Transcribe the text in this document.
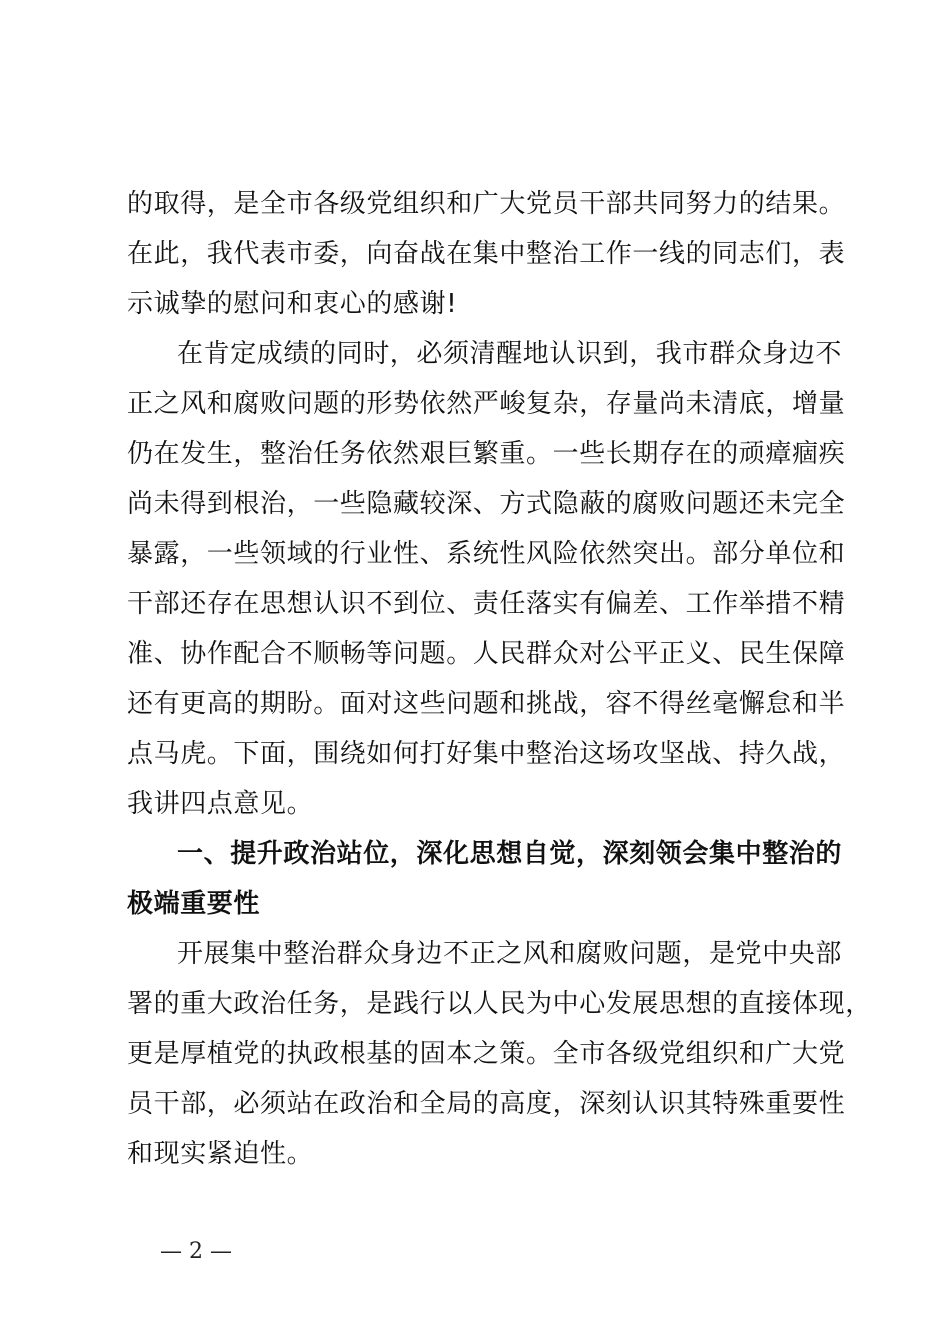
的取得，是全市各级党组织和广大党员干部共同努力的结果。
在此，我代表市委，向奋战在集中整治工作一线的同志们，表
示诚挚的慰问和衷心的感谢!
在肯定成绩的同时，必须清醒地认识到，我市群众身边不
正之风和腐败问题的形势依然严峻复杂，存量尚未清底，增量
仍在发生，整治任务依然艰巨繁重。一些长期存在的顽瘴痼疾
尚未得到根治，一些隐藏较深、方式隐蔽的腐败问题还未完全
暴露，一些领域的行业性、系统性风险依然突出。部分单位和
干部还存在思想认识不到位、责任落实有偏差、工作举措不精
准、协作配合不顺畅等问题。人民群众对公平正义、民生保障
还有更高的期盼。面对这些问题和挑战，容不得丝毫懈怠和半
点马虎。下面，围绕如何打好集中整治这场攻坚战、持久战，
我讲四点意见。
一、提升政治站位，深化思想自觉，深刻领会集中整治的
极端重要性
开展集中整治群众身边不正之风和腐败问题，是党中央部
署的重大政治任务，是践行以人民为中心发展思想的直接体现，
更是厚植党的执政根基的固本之策。全市各级党组织和广大党
员干部，必须站在政治和全局的高度，深刻认识其特殊重要性
和现实紧迫性。
— 2 —
